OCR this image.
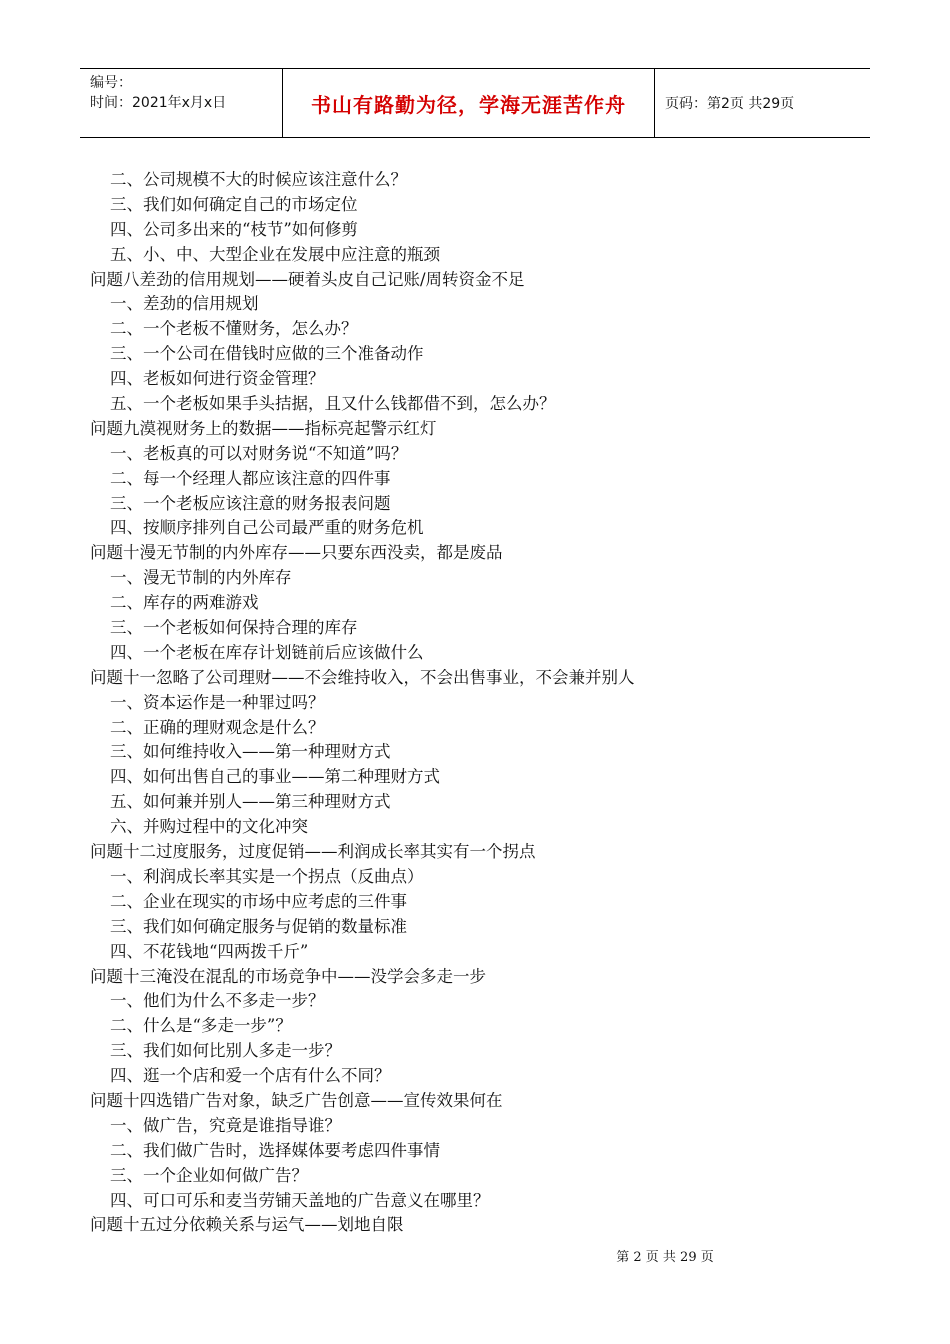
编号：
时间：2021年x月x日	书山有路勤为径，学海无涯苦作舟	页码：第2页 共29页
二、公司规模不大的时候应该注意什么？
三、我们如何确定自己的市场定位
四、公司多出来的“枝节”如何修剪
五、小、中、大型企业在发展中应注意的瓶颈
问题八差劲的信用规划——硬着头皮自己记账/周转资金不足
一、差劲的信用规划
二、一个老板不懂财务，怎么办？
三、一个公司在借钱时应做的三个准备动作
四、老板如何进行资金管理？
五、一个老板如果手头拮据，且又什么钱都借不到，怎么办？
问题九漠视财务上的数据——指标亮起警示红灯
一、老板真的可以对财务说“不知道”吗？
二、每一个经理人都应该注意的四件事
三、一个老板应该注意的财务报表问题
四、按顺序排列自己公司最严重的财务危机
问题十漫无节制的内外库存——只要东西没卖，都是废品
一、漫无节制的内外库存
二、库存的两难游戏
三、一个老板如何保持合理的库存
四、一个老板在库存计划链前后应该做什么
问题十一忽略了公司理财——不会维持收入，不会出售事业，不会兼并别人
一、资本运作是一种罪过吗？
二、正确的理财观念是什么？
三、如何维持收入——第一种理财方式
四、如何出售自己的事业——第二种理财方式
五、如何兼并别人——第三种理财方式
六、并购过程中的文化冲突
问题十二过度服务，过度促销——利润成长率其实有一个拐点
一、利润成长率其实是一个拐点（反曲点）
二、企业在现实的市场中应考虑的三件事
三、我们如何确定服务与促销的数量标准
四、不花钱地“四两拨千斤”
问题十三淹没在混乱的市场竞争中——没学会多走一步
一、他们为什么不多走一步？
二、什么是“多走一步”？
三、我们如何比别人多走一步？
四、逛一个店和爱一个店有什么不同？
问题十四选错广告对象，缺乏广告创意——宣传效果何在
一、做广告，究竟是谁指导谁？
二、我们做广告时，选择媒体要考虑四件事情
三、一个企业如何做广告？
四、可口可乐和麦当劳铺天盖地的广告意义在哪里？
问题十五过分依赖关系与运气——划地自限
第 2 页 共 29 页
